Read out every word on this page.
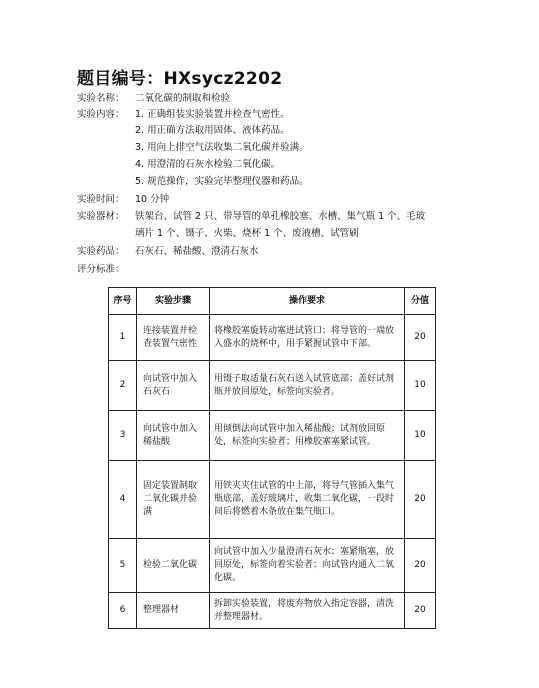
题目编号：HXsycz2202
实验名称： 二氧化碳的制取和检验
实验内容： 1. 正确组装实验装置并检查气密性。
2. 用正确方法取用固体、液体药品。
3. 用向上排空气法收集二氧化碳并验满。
4. 用澄清的石灰水检验二氧化碳。
5. 规范操作，实验完毕整理仪器和药品。
实验时间： 10 分钟
实验器材： 铁架台、试管 2 只、带导管的单孔橡胶塞、水槽、集气瓶 1 个、毛玻
璃片 1 个、镊子、火柴、烧杯 1 个、废液槽、试管刷
实验药品： 石灰石、稀盐酸、澄清石灰水
评分标准：
序号	实验步骤	操作要求	分值
1	连接装置并检查装置气密性	将橡胶塞旋转动塞进试管口；将导管的一端放入盛水的烧杯中，用手紧握试管中下部。	20
2	向试管中加入石灰石	用镊子取适量石灰石送入试管底部；盖好试剂瓶并放回原处，标签向实验者。	10
3	向试管中加入稀盐酸	用倾倒法向试管中加入稀盐酸；试剂放回原处，标签向实验者；用橡胶塞塞紧试管。	10
4	固定装置制取二氧化碳并验满	用铁夹夹住试管的中上部，将导气管插入集气瓶底部，盖好玻璃片，收集二氧化碳，一段时间后将燃着木条放在集气瓶口。	20
5	检验二氧化碳	向试管中加入少量澄清石灰水；塞紧瓶塞，放回原处，标签向着实验者；向试管内通入二氧化碳。	20
6	整理器材	拆卸实验装置，将废弃物放入指定容器，清洗并整理器材。	20
